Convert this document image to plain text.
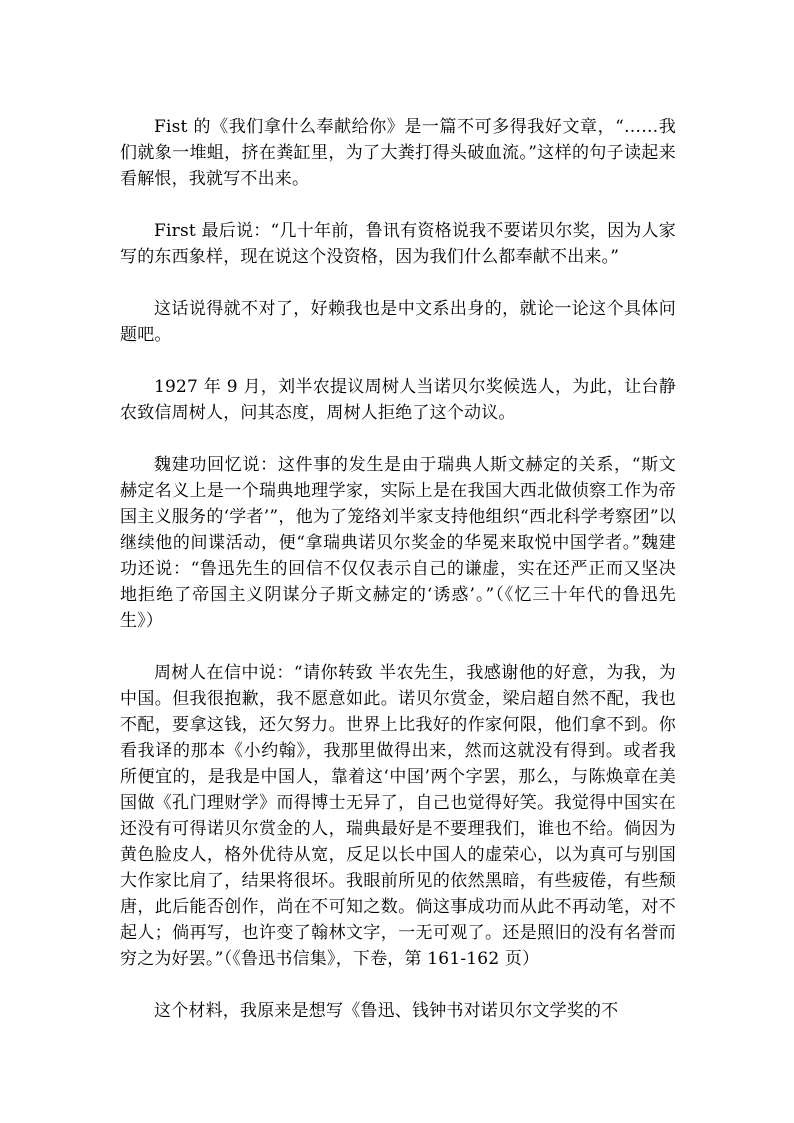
Fist 的《我们拿什么奉献给你》是一篇不可多得我好文章，“……我们就象一堆蛆，挤在粪缸里，为了大粪打得头破血流。”这样的句子读起来看解恨，我就写不出来。

First 最后说：“几十年前，鲁讯有资格说我不要诺贝尔奖，因为人家写的东西象样，现在说这个没资格，因为我们什么都奉献不出来。”

这话说得就不对了，好赖我也是中文系出身的，就论一论这个具体问题吧。

1927 年 9 月，刘半农提议周树人当诺贝尔奖候选人，为此，让台静农致信周树人，问其态度，周树人拒绝了这个动议。

魏建功回忆说：这件事的发生是由于瑞典人斯文赫定的关系，“斯文赫定名义上是一个瑞典地理学家，实际上是在我国大西北做侦察工作为帝国主义服务的‘学者’”，他为了笼络刘半家支持他组织“西北科学考察团”以继续他的间谍活动，便“拿瑞典诺贝尔奖金的华冕来取悦中国学者。”魏建功还说：“鲁迅先生的回信不仅仅表示自己的谦虚，实在还严正而又坚决地拒绝了帝国主义阴谋分子斯文赫定的‘诱惑’。”（《忆三十年代的鲁迅先生》）

周树人在信中说：“请你转致 半农先生，我感谢他的好意，为我，为中国。但我很抱歉，我不愿意如此。诺贝尔赏金，梁启超自然不配，我也不配，要拿这钱，还欠努力。世界上比我好的作家何限，他们拿不到。你看我译的那本《小约翰》，我那里做得出来，然而这就没有得到。或者我所便宜的，是我是中国人，靠着这‘中国’两个字罢，那么，与陈焕章在美国做《孔门理财学》而得博士无异了，自己也觉得好笑。我觉得中国实在还没有可得诺贝尔赏金的人，瑞典最好是不要理我们，谁也不给。倘因为黄色脸皮人，格外优待从宽，反足以长中国人的虚荣心，以为真可与别国大作家比肩了，结果将很坏。我眼前所见的依然黑暗，有些疲倦，有些颓唐，此后能否创作，尚在不可知之数。倘这事成功而从此不再动笔，对不起人；倘再写，也许变了翰林文字，一无可观了。还是照旧的没有名誉而穷之为好罢。”（《鲁迅书信集》，下卷，第 161-162 页）

这个材料，我原来是想写《鲁迅、钱钟书对诺贝尔文学奖的不
